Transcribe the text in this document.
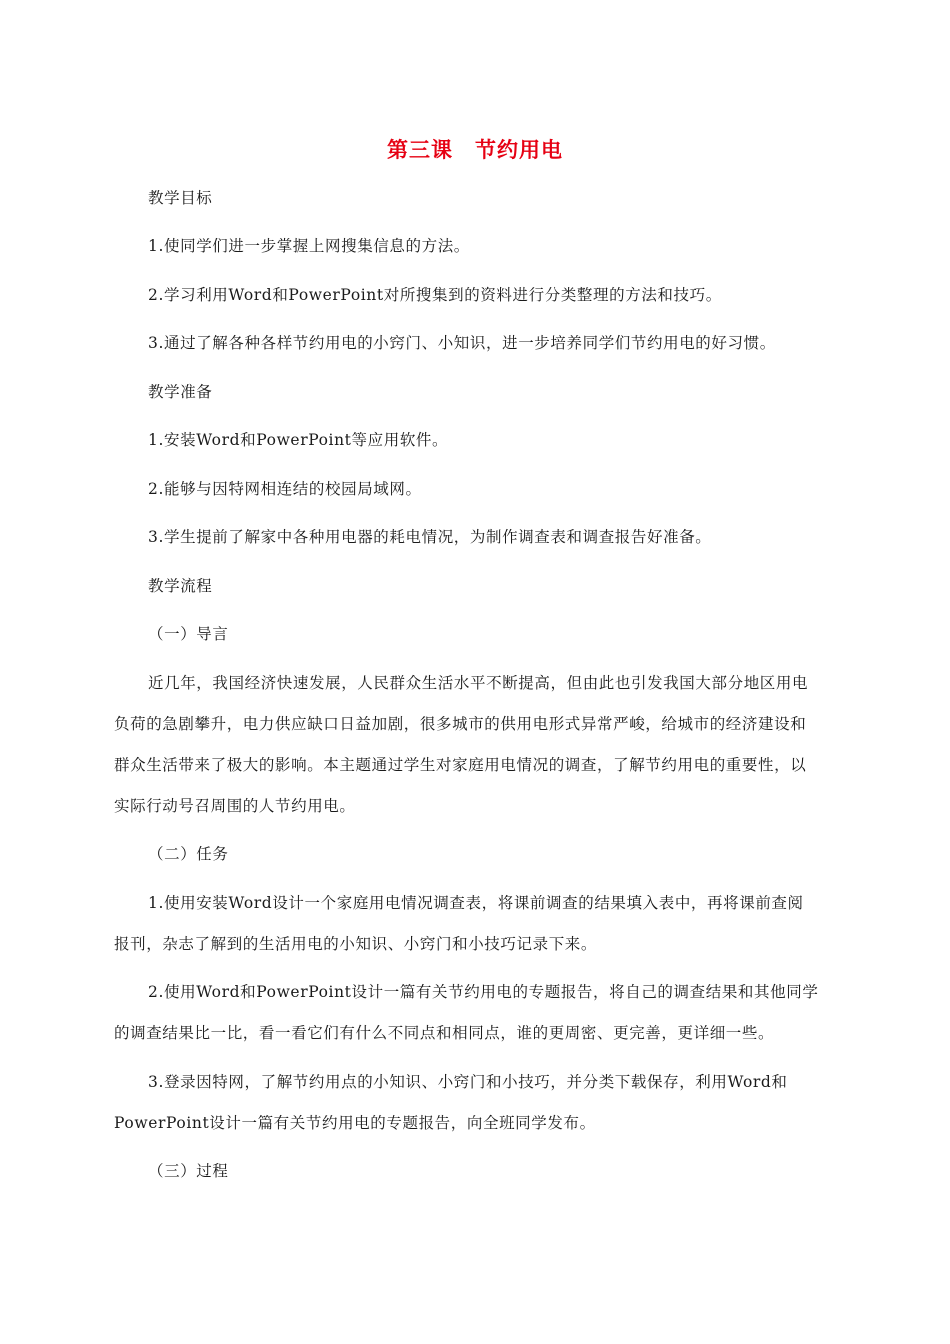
第三课　节约用电
教学目标
1.使同学们进一步掌握上网搜集信息的方法。
2.学习利用Word和PowerPoint对所搜集到的资料进行分类整理的方法和技巧。
3.通过了解各种各样节约用电的小窍门、小知识，进一步培养同学们节约用电的好习惯。
教学准备
1.安装Word和PowerPoint等应用软件。
2.能够与因特网相连结的校园局域网。
3.学生提前了解家中各种用电器的耗电情况，为制作调查表和调查报告好准备。
教学流程
（一）导言
近几年，我国经济快速发展，人民群众生活水平不断提高，但由此也引发我国大部分地区用电
负荷的急剧攀升，电力供应缺口日益加剧，很多城市的供用电形式异常严峻，给城市的经济建设和
群众生活带来了极大的影响。本主题通过学生对家庭用电情况的调查，了解节约用电的重要性，以
实际行动号召周围的人节约用电。
（二）任务
1.使用安装Word设计一个家庭用电情况调查表，将课前调查的结果填入表中，再将课前查阅
报刊，杂志了解到的生活用电的小知识、小窍门和小技巧记录下来。
2.使用Word和PowerPoint设计一篇有关节约用电的专题报告，将自己的调查结果和其他同学
的调查结果比一比，看一看它们有什么不同点和相同点，谁的更周密、更完善，更详细一些。
3.登录因特网，了解节约用点的小知识、小窍门和小技巧，并分类下载保存，利用Word和
PowerPoint设计一篇有关节约用电的专题报告，向全班同学发布。
（三）过程
